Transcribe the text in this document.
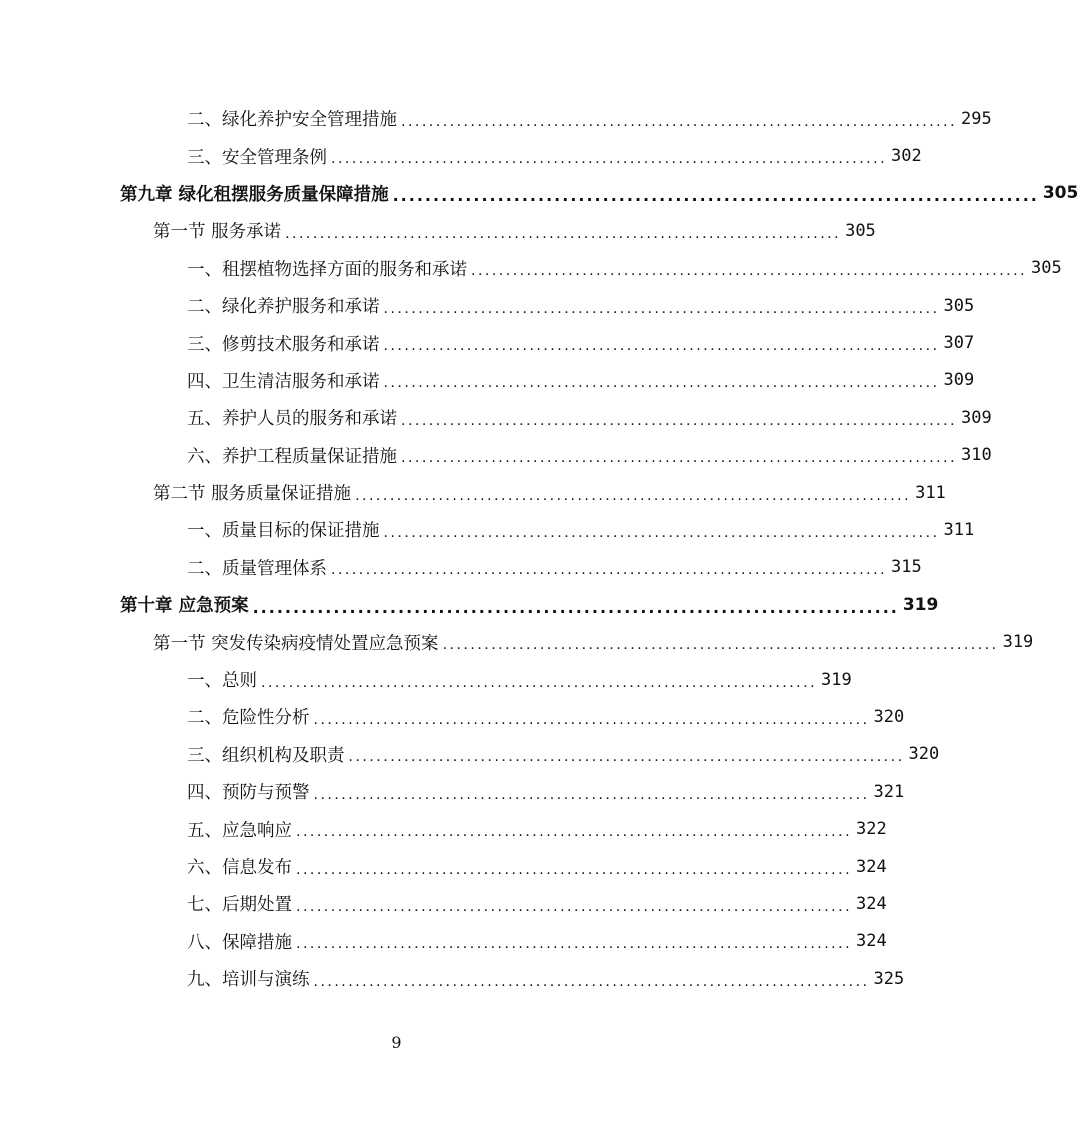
二、绿化养护安全管理措施 ................................................................................ 295
三、安全管理条例 ................................................................................ 302
第九章 绿化租摆服务质量保障措施 ................................................................................ 305
第一节 服务承诺 ................................................................................ 305
一、租摆植物选择方面的服务和承诺 ................................................................................ 305
二、绿化养护服务和承诺 ................................................................................ 305
三、修剪技术服务和承诺 ................................................................................ 307
四、卫生清洁服务和承诺 ................................................................................ 309
五、养护人员的服务和承诺 ................................................................................ 309
六、养护工程质量保证措施 ................................................................................ 310
第二节 服务质量保证措施 ................................................................................ 311
一、质量目标的保证措施 ................................................................................ 311
二、质量管理体系 ................................................................................ 315
第十章 应急预案 ................................................................................ 319
第一节 突发传染病疫情处置应急预案 ................................................................................ 319
一、总则 ................................................................................ 319
二、危险性分析 ................................................................................ 320
三、组织机构及职责 ................................................................................ 320
四、预防与预警 ................................................................................ 321
五、应急响应 ................................................................................ 322
六、信息发布 ................................................................................ 324
七、后期处置 ................................................................................ 324
八、保障措施 ................................................................................ 324
九、培训与演练 ................................................................................ 325
9
